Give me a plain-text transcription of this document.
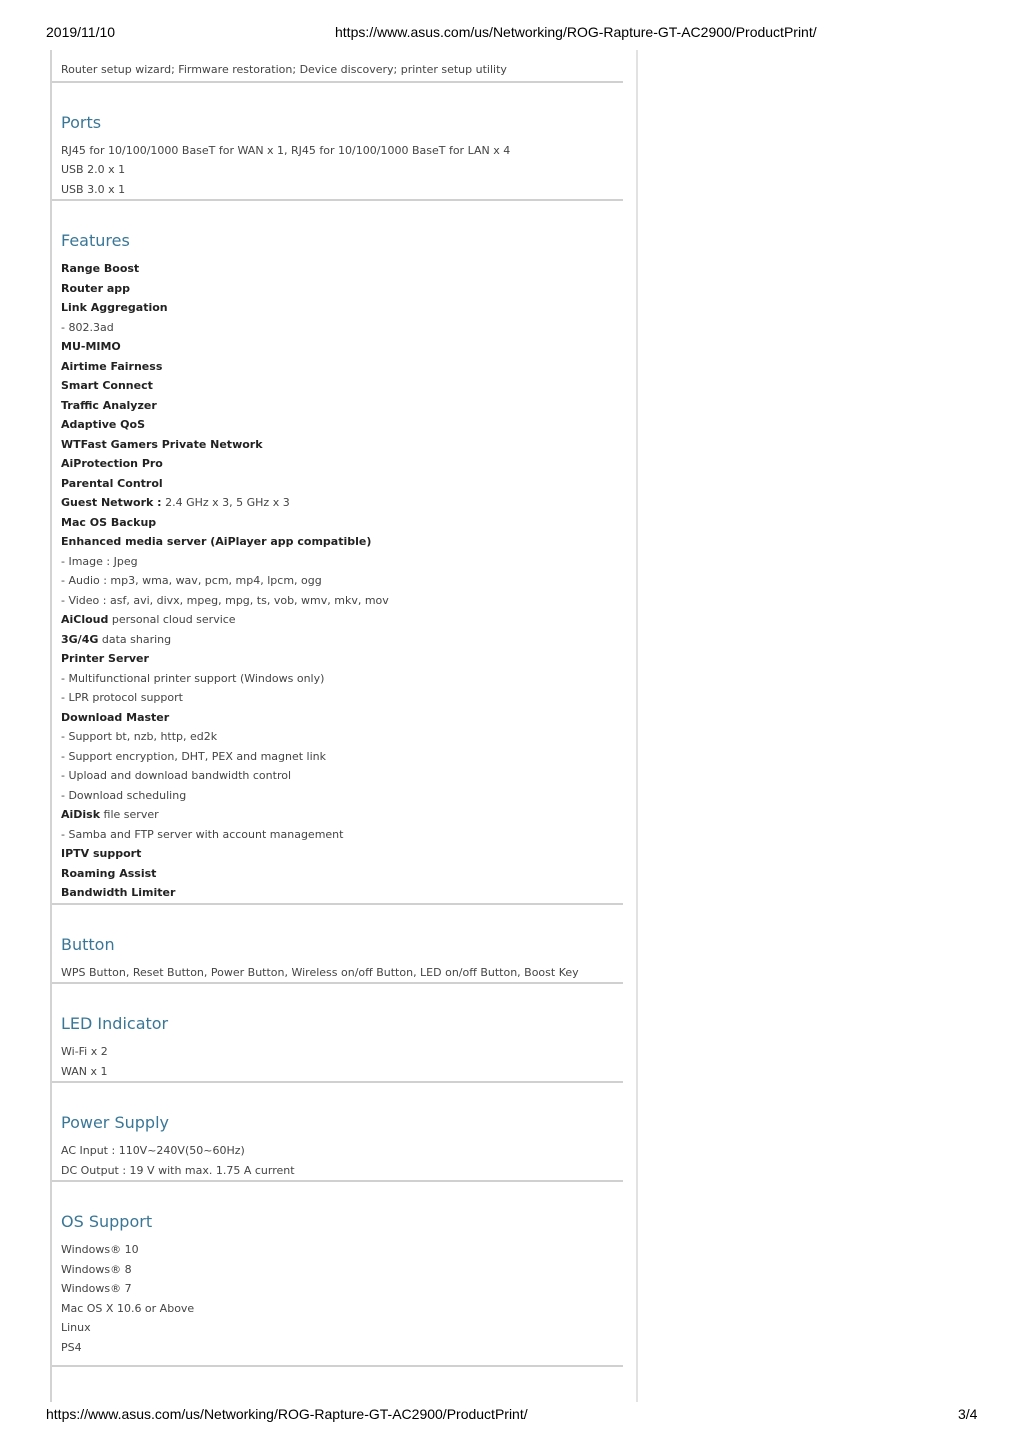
2019/11/10	https://www.asus.com/us/Networking/ROG-Rapture-GT-AC2900/ProductPrint/
Router setup wizard; Firmware restoration; Device discovery; printer setup utility
Ports
RJ45 for 10/100/1000 BaseT for WAN x 1, RJ45 for 10/100/1000 BaseT for LAN x 4
USB 2.0 x 1
USB 3.0 x 1
Features
Range Boost
Router app
Link Aggregation
- 802.3ad
MU-MIMO
Airtime Fairness
Smart Connect
Traffic Analyzer
Adaptive QoS
WTFast Gamers Private Network
AiProtection Pro
Parental Control
Guest Network : 2.4 GHz x 3, 5 GHz x 3
Mac OS Backup
Enhanced media server (AiPlayer app compatible)
- Image : Jpeg
- Audio : mp3, wma, wav, pcm, mp4, lpcm, ogg
- Video : asf, avi, divx, mpeg, mpg, ts, vob, wmv, mkv, mov
AiCloud personal cloud service
3G/4G data sharing
Printer Server
- Multifunctional printer support (Windows only)
- LPR protocol support
Download Master
- Support bt, nzb, http, ed2k
- Support encryption, DHT, PEX and magnet link
- Upload and download bandwidth control
- Download scheduling
AiDisk file server
- Samba and FTP server with account management
IPTV support
Roaming Assist
Bandwidth Limiter
Button
WPS Button, Reset Button, Power Button, Wireless on/off Button, LED on/off Button, Boost Key
LED Indicator
Wi-Fi x 2
WAN x 1
Power Supply
AC Input : 110V~240V(50~60Hz)
DC Output : 19 V with max. 1.75 A current
OS Support
Windows® 10
Windows® 8
Windows® 7
Mac OS X 10.6 or Above
Linux
PS4
https://www.asus.com/us/Networking/ROG-Rapture-GT-AC2900/ProductPrint/	3/4
